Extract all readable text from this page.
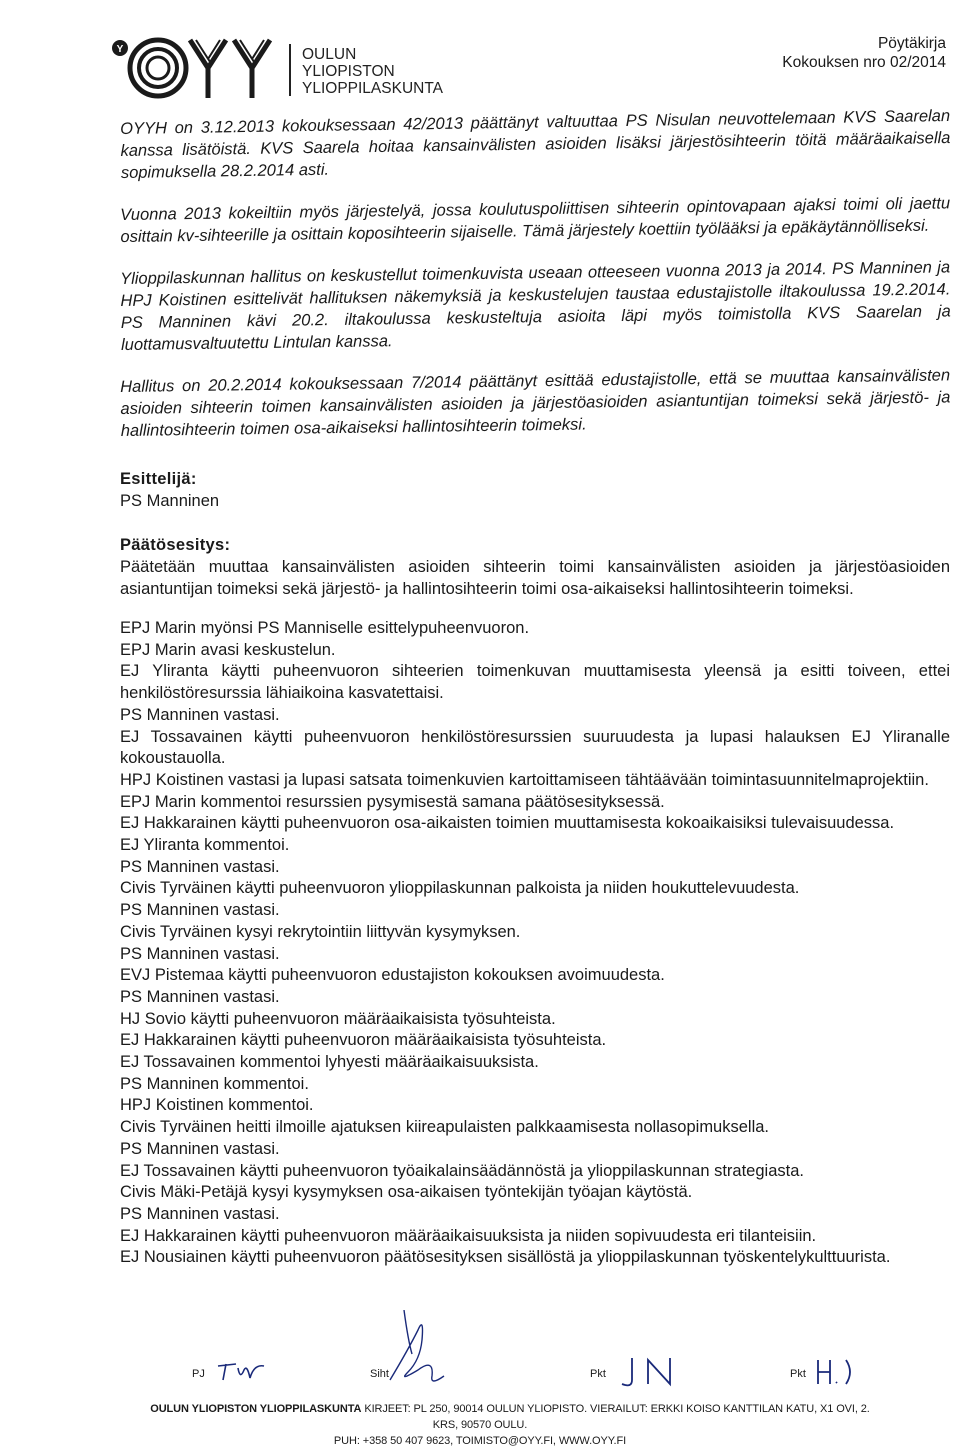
Y	OULUN
YLIOPISTON
YLIOPPILASKUNTA
Pöytäkirja
Kokouksen nro 02/2014

OYYH on 3.12.2013 kokouksessaan 42/2013 päättänyt valtuuttaa PS Nisulan neuvottelemaan KVS Saarelan kanssa lisätöistä. KVS Saarela hoitaa kansainvälisten asioiden lisäksi järjestösihteerin töitä määräaikaisella sopimuksella 28.2.2014 asti.

Vuonna 2013 kokeiltiin myös järjestelyä, jossa koulutuspoliittisen sihteerin opintovapaan ajaksi toimi oli jaettu osittain kv-sihteerille ja osittain koposihteerin sijaiselle. Tämä järjestely koettiin työlääksi ja epäkäytännölliseksi.

Ylioppilaskunnan hallitus on keskustellut toimenkuvista useaan otteeseen vuonna 2013 ja 2014. PS Manninen ja HPJ Koistinen esittelivät hallituksen näkemyksiä ja keskustelujen taustaa edustajistolle iltakoulussa 19.2.2014. PS Manninen kävi 20.2. iltakoulussa keskusteltuja asioita läpi myös toimistolla KVS Saarelan ja luottamusvaltuutettu Lintulan kanssa.

Hallitus on 20.2.2014 kokouksessaan 7/2014 päättänyt esittää edustajistolle, että se muuttaa kansainvälisten asioiden sihteerin toimen kansainvälisten asioiden ja järjestöasioiden asiantuntijan toimeksi sekä järjestö- ja hallintosihteerin toimen osa-aikaiseksi hallintosihteerin toimeksi.

Esittelijä:
PS Manninen
Päätösesitys:
Päätetään muuttaa kansainvälisten asioiden sihteerin toimi kansainvälisten asioiden ja järjestöasioiden asiantuntijan toimeksi sekä järjestö- ja hallintosihteerin toimi osa-aikaiseksi hallintosihteerin toimeksi.
EPJ Marin myönsi PS Manniselle esittelypuheenvuoron.
EPJ Marin avasi keskustelun.
EJ Yliranta käytti puheenvuoron sihteerien toimenkuvan muuttamisesta yleensä ja esitti toiveen, ettei henkilöstöresurssia lähiaikoina kasvatettaisi.
PS Manninen vastasi.
EJ Tossavainen käytti puheenvuoron henkilöstöresurssien suuruudesta ja lupasi halauksen EJ Yliranalle kokoustauolla.
HPJ Koistinen vastasi ja lupasi satsata toimenkuvien kartoittamiseen tähtäävään toimintasuunnitelmaprojektiin.
EPJ Marin kommentoi resurssien pysymisestä samana päätösesityksessä.
EJ Hakkarainen käytti puheenvuoron osa-aikaisten toimien muuttamisesta kokoaikaisiksi tulevaisuudessa.
EJ Yliranta kommentoi.
PS Manninen vastasi.
Civis Tyrväinen käytti puheenvuoron ylioppilaskunnan palkoista ja niiden houkuttelevuudesta.
PS Manninen vastasi.
Civis Tyrväinen kysyi rekrytointiin liittyvän kysymyksen.
PS Manninen vastasi.
EVJ Pistemaa käytti puheenvuoron edustajiston kokouksen avoimuudesta.
PS Manninen vastasi.
HJ Sovio käytti puheenvuoron määräaikaisista työsuhteista.
EJ Hakkarainen käytti puheenvuoron määräaikaisista työsuhteista.
EJ Tossavainen kommentoi lyhyesti määräaikaisuuksista.
PS Manninen kommentoi.
HPJ Koistinen kommentoi.
Civis Tyrväinen heitti ilmoille ajatuksen kiireapulaisten palkkaamisesta nollasopimuksella.
PS Manninen vastasi.
EJ Tossavainen käytti puheenvuoron työaikalainsäädännöstä ja ylioppilaskunnan strategiasta.
Civis Mäki-Petäjä kysyi kysymyksen osa-aikaisen työntekijän työajan käytöstä.
PS Manninen vastasi.
EJ Hakkarainen käytti puheenvuoron määräaikaisuuksista ja niiden sopivuudesta eri tilanteisiin.
EJ Nousiainen käytti puheenvuoron päätösesityksen sisällöstä ja ylioppilaskunnan työskentelykulttuurista.
PJ	Siht	Pkt	Pkt
OULUN YLIOPISTON YLIOPPILASKUNTA KIRJEET: PL 250, 90014 OULUN YLIOPISTO. VIERAILUT: ERKKI KOISO KANTTILAN KATU, X1 OVI, 2.
KRS, 90570 OULU.
PUH: +358 50 407 9623, TOIMISTO@OYY.FI, WWW.OYY.FI
